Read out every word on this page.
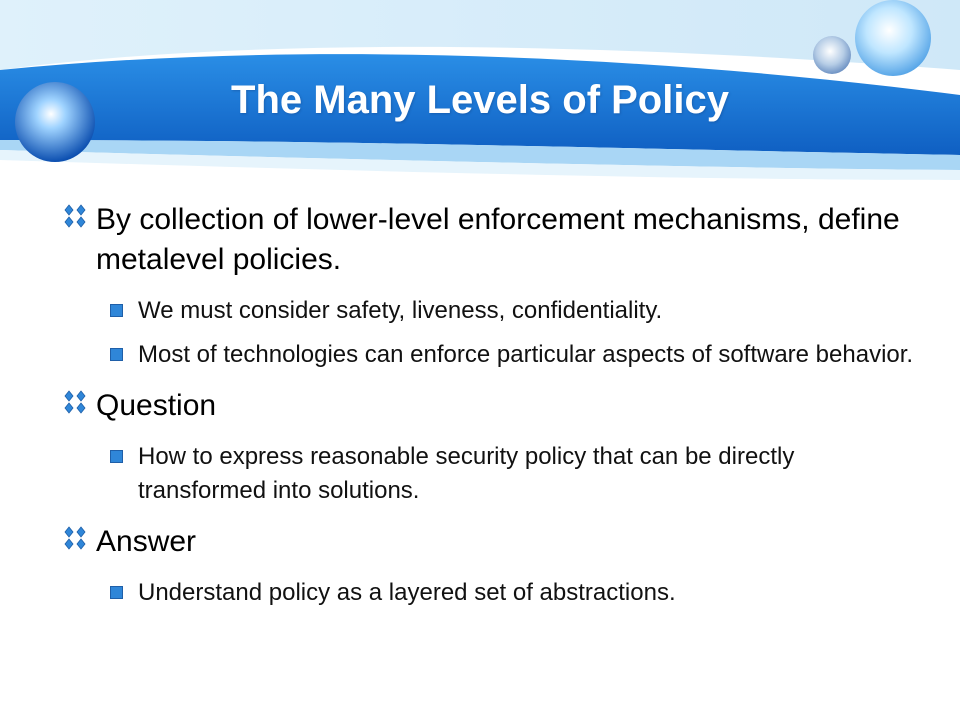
The Many Levels of Policy
By collection of lower-level enforcement mechanisms, define metalevel policies.
We must consider safety, liveness, confidentiality.
Most of technologies can enforce particular aspects of software behavior.
Question
How to express reasonable security policy that can be directly transformed into solutions.
Answer
Understand policy as a layered set of abstractions.
